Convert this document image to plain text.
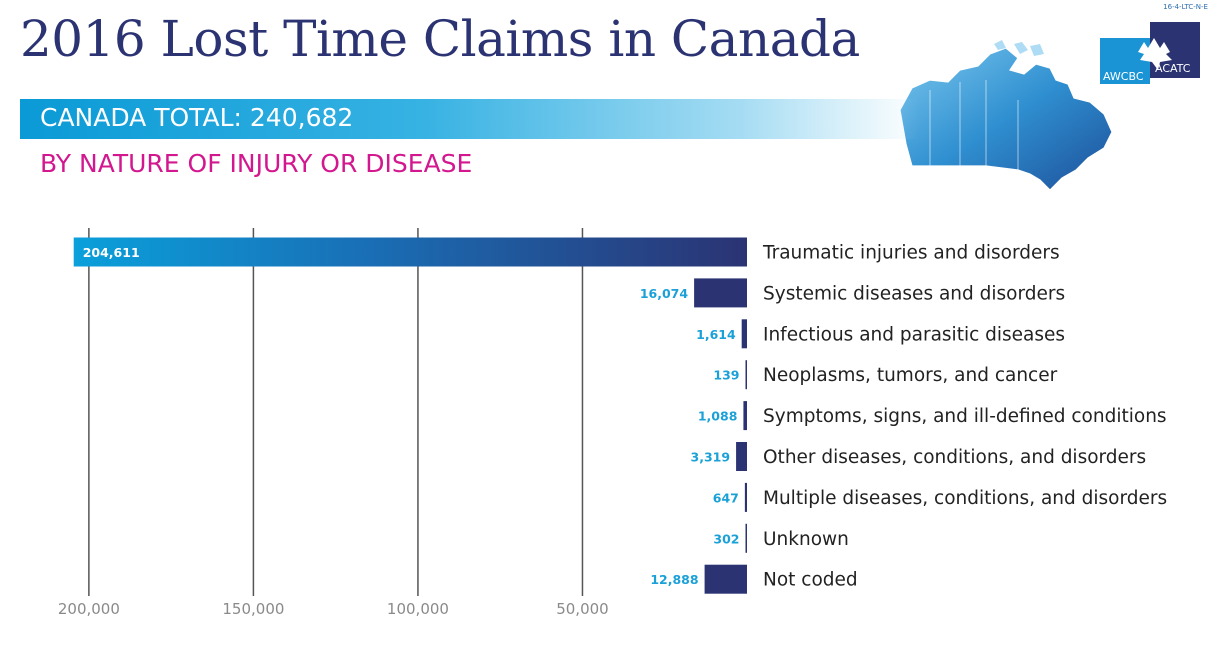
16-4-LTC-N-E
2016 Lost Time Claims in Canada
AWCBC
ACATC
CANADA TOTAL: 240,682
BY NATURE OF INJURY OR DISEASE
200,000	150,000	100,000	50,000
204,611	Traumatic injuries and disorders
16,074	Systemic diseases and disorders
1,614 Infectious and parasitic diseases
139 Neoplasms, tumors, and cancer
1,088 Symptoms, signs, and ill-defined conditions
3,319 Other diseases, conditions, and disorders
647 Multiple diseases, conditions, and disorders
302 Unknown
12,888	Not coded
